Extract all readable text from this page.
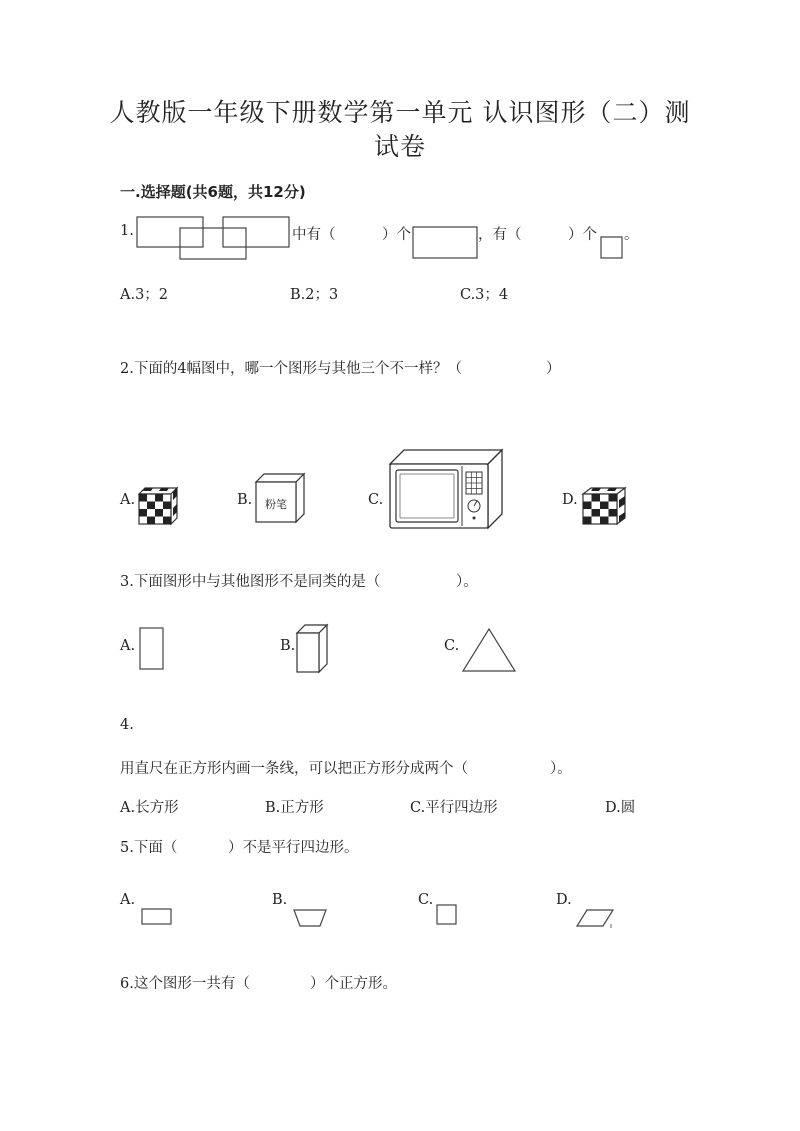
人教版一年级下册数学第一单元 认识图形（二）测
试卷
一.选择题(共6题，共12分)
1.	中有（	）个	，有（	）个 。
A.3；2	B.2；3	C.3；4
2.下面的4幅图中，哪一个图形与其他三个不一样？（	）
A.	B.	粉笔	C.	D.
3.下面图形中与其他图形不是同类的是（	）。
A.	B.	C.
4.
用直尺在正方形内画一条线，可以把正方形分成两个（	）。
A.长方形	B.正方形	C.平行四边形	D.圆
5.下面（	）不是平行四边形。
A.	B.	C.	D.
6.这个图形一共有（	）个正方形。
